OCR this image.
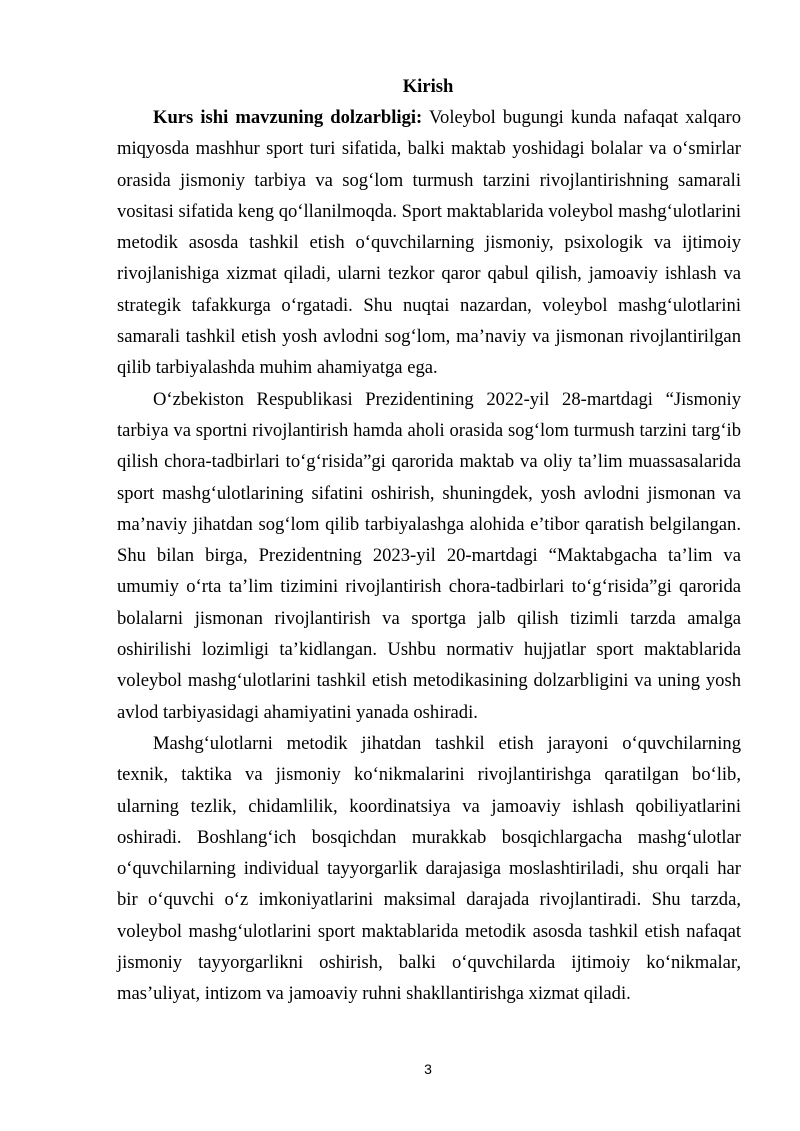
Kirish

Kurs ishi mavzuning dolzarbligi: Voleybol bugungi kunda nafaqat xalqaro miqyosda mashhur sport turi sifatida, balki maktab yoshidagi bolalar va o‘smirlar orasida jismoniy tarbiya va sog‘lom turmush tarzini rivojlantirishning samarali vositasi sifatida keng qo‘llanilmoqda. Sport maktablarida voleybol mashg‘ulotlarini metodik asosda tashkil etish o‘quvchilarning jismoniy, psixologik va ijtimoiy rivojlanishiga xizmat qiladi, ularni tezkor qaror qabul qilish, jamoaviy ishlash va strategik tafakkurga o‘rgatadi. Shu nuqtai nazardan, voleybol mashg‘ulotlarini samarali tashkil etish yosh avlodni sog‘lom, ma’naviy va jismonan rivojlantirilgan qilib tarbiyalashda muhim ahamiyatga ega.

O‘zbekiston Respublikasi Prezidentining 2022-yil 28-martdagi “Jismoniy tarbiya va sportni rivojlantirish hamda aholi orasida sog‘lom turmush tarzini targ‘ib qilish chora-tadbirlari to‘g‘risida”gi qarorida maktab va oliy ta’lim muassasalarida sport mashg‘ulotlarining sifatini oshirish, shuningdek, yosh avlodni jismonan va ma’naviy jihatdan sog‘lom qilib tarbiyalashga alohida e’tibor qaratish belgilangan. Shu bilan birga, Prezidentning 2023-yil 20-martdagi “Maktabgacha ta’lim va umumiy o‘rta ta’lim tizimini rivojlantirish chora-tadbirlari to‘g‘risida”gi qarorida bolalarni jismonan rivojlantirish va sportga jalb qilish tizimli tarzda amalga oshirilishi lozimligi ta’kidlangan. Ushbu normativ hujjatlar sport maktablarida voleybol mashg‘ulotlarini tashkil etish metodikasining dolzarbligini va uning yosh avlod tarbiyasidagi ahamiyatini yanada oshiradi.

Mashg‘ulotlarni metodik jihatdan tashkil etish jarayoni o‘quvchilarning texnik, taktika va jismoniy ko‘nikmalarini rivojlantirishga qaratilgan bo‘lib, ularning tezlik, chidamlilik, koordinatsiya va jamoaviy ishlash qobiliyatlarini oshiradi. Boshlang‘ich bosqichdan murakkab bosqichlargacha mashg‘ulotlar o‘quvchilarning individual tayyorgarlik darajasiga moslashtiriladi, shu orqali har bir o‘quvchi o‘z imkoniyatlarini maksimal darajada rivojlantiradi. Shu tarzda, voleybol mashg‘ulotlarini sport maktablarida metodik asosda tashkil etish nafaqat jismoniy tayyorgarlikni oshirish, balki o‘quvchilarda ijtimoiy ko‘nikmalar, mas’uliyat, intizom va jamoaviy ruhni shakllantirishga xizmat qiladi.

3
